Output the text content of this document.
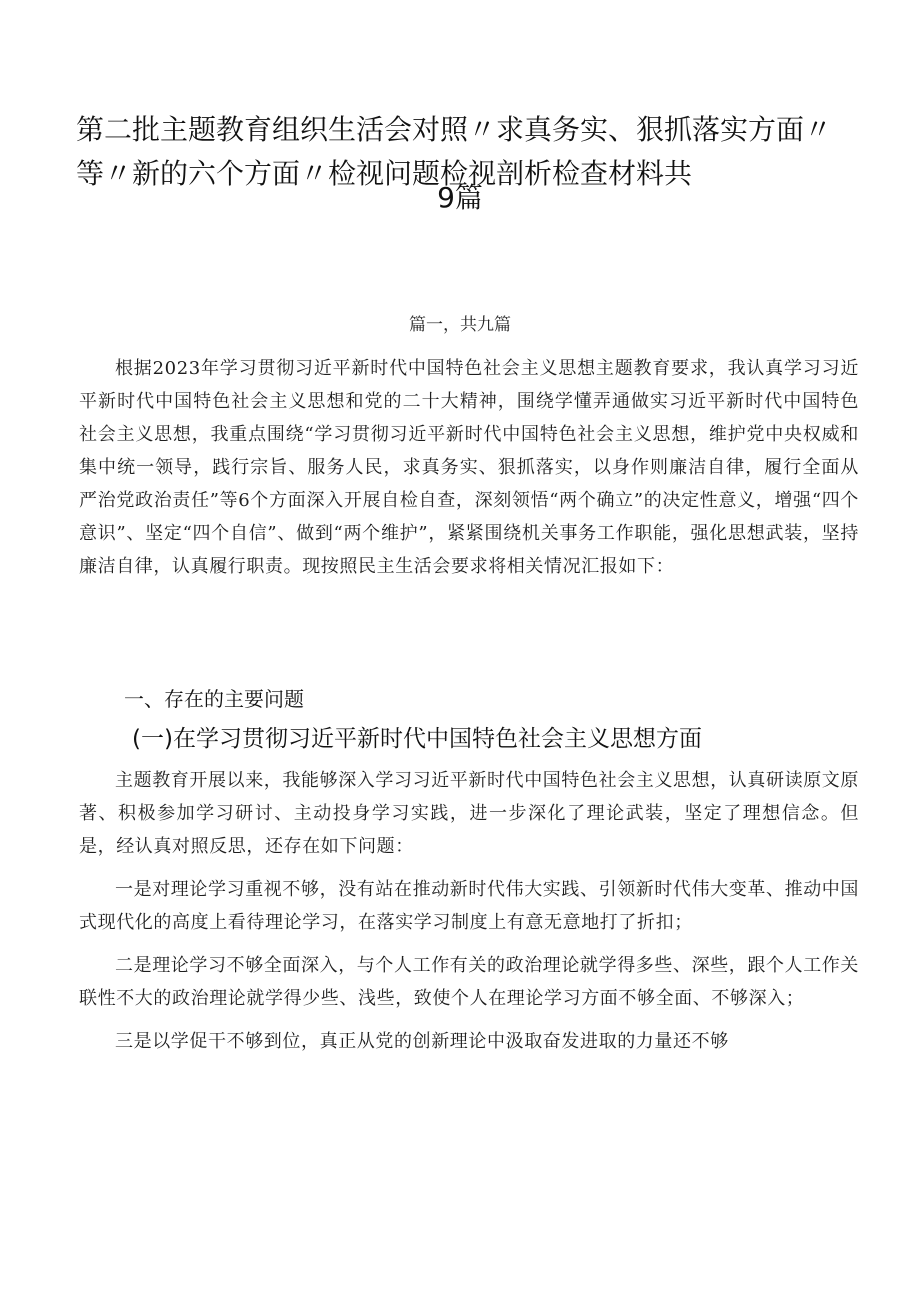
第二批主题教育组织生活会对照〃求真务实、狠抓落实方面〃
等〃新的六个方面〃检视问题检视剖析检查材料共
9篇
篇一，共九篇

根据2023年学习贯彻习近平新时代中国特色社会主义思想主题教育要求，我认真学习习近平新时代中国特色社会主义思想和党的二十大精神，围绕学懂弄通做实习近平新时代中国特色社会主义思想，我重点围绕“学习贯彻习近平新时代中国特色社会主义思想，维护党中央权威和集中统一领导，践行宗旨、服务人民，求真务实、狠抓落实，以身作则廉洁自律，履行全面从严治党政治责任”等6个方面深入开展自检自查，深刻领悟“两个确立”的决定性意义，增强“四个意识”、坚定“四个自信”、做到“两个维护”，紧紧围绕机关事务工作职能，强化思想武装，坚持廉洁自律，认真履行职责。现按照民主生活会要求将相关情况汇报如下：

一、存在的主要问题
(一)在学习贯彻习近平新时代中国特色社会主义思想方面

主题教育开展以来，我能够深入学习习近平新时代中国特色社会主义思想，认真研读原文原著、积极参加学习研讨、主动投身学习实践，进一步深化了理论武装，坚定了理想信念。但是，经认真对照反思，还存在如下问题：

一是对理论学习重视不够，没有站在推动新时代伟大实践、引领新时代伟大变革、推动中国式现代化的高度上看待理论学习，在落实学习制度上有意无意地打了折扣；

二是理论学习不够全面深入，与个人工作有关的政治理论就学得多些、深些，跟个人工作关联性不大的政治理论就学得少些、浅些，致使个人在理论学习方面不够全面、不够深入；

三是以学促干不够到位，真正从党的创新理论中汲取奋发进取的力量还不够
